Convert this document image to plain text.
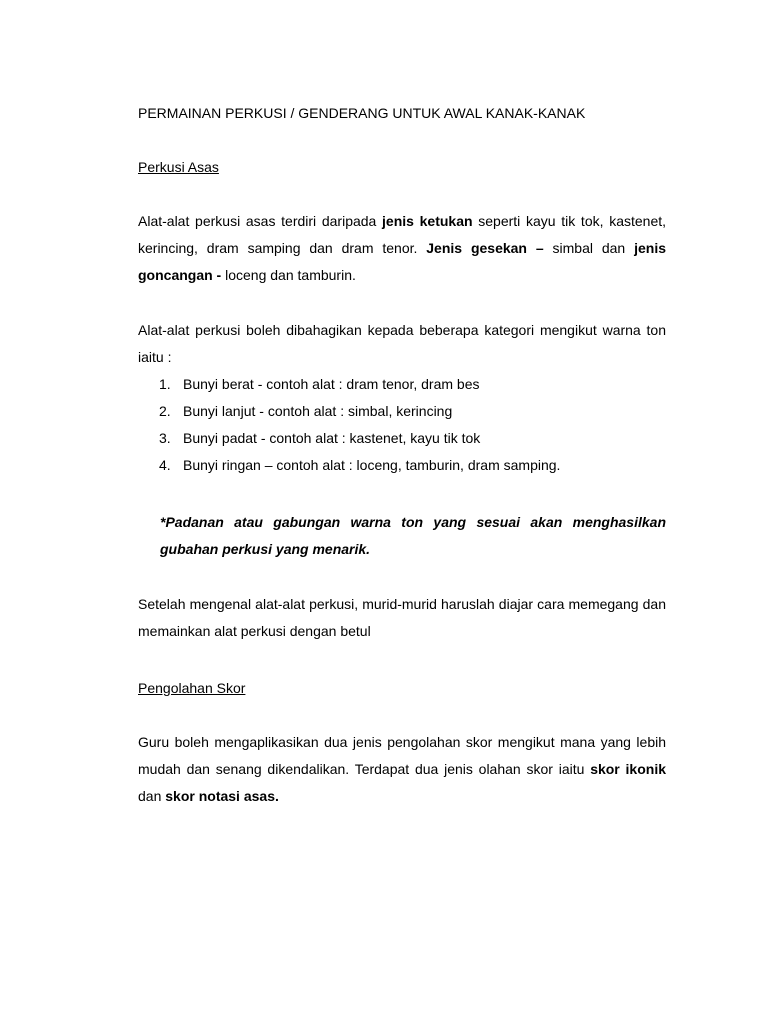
PERMAINAN PERKUSI / GENDERANG UNTUK AWAL KANAK-KANAK
Perkusi Asas

Alat-alat perkusi asas terdiri daripada jenis ketukan seperti kayu tik tok, kastenet, kerincing, dram samping dan dram tenor. Jenis gesekan – simbal dan jenis goncangan - loceng dan tamburin.

Alat-alat perkusi boleh dibahagikan kepada beberapa kategori mengikut warna ton iaitu :

1. Bunyi berat - contoh alat : dram tenor, dram bes
2. Bunyi lanjut - contoh alat : simbal, kerincing
3. Bunyi padat - contoh alat : kastenet, kayu tik tok
4. Bunyi ringan – contoh alat : loceng, tamburin, dram samping.

*Padanan atau gabungan warna ton yang sesuai akan menghasilkan gubahan perkusi yang menarik.

Setelah mengenal alat-alat perkusi, murid-murid haruslah diajar cara memegang dan memainkan alat perkusi dengan betul

Pengolahan Skor

Guru boleh mengaplikasikan dua jenis pengolahan skor mengikut mana yang lebih mudah dan senang dikendalikan. Terdapat dua jenis olahan skor iaitu skor ikonik dan skor notasi asas.
